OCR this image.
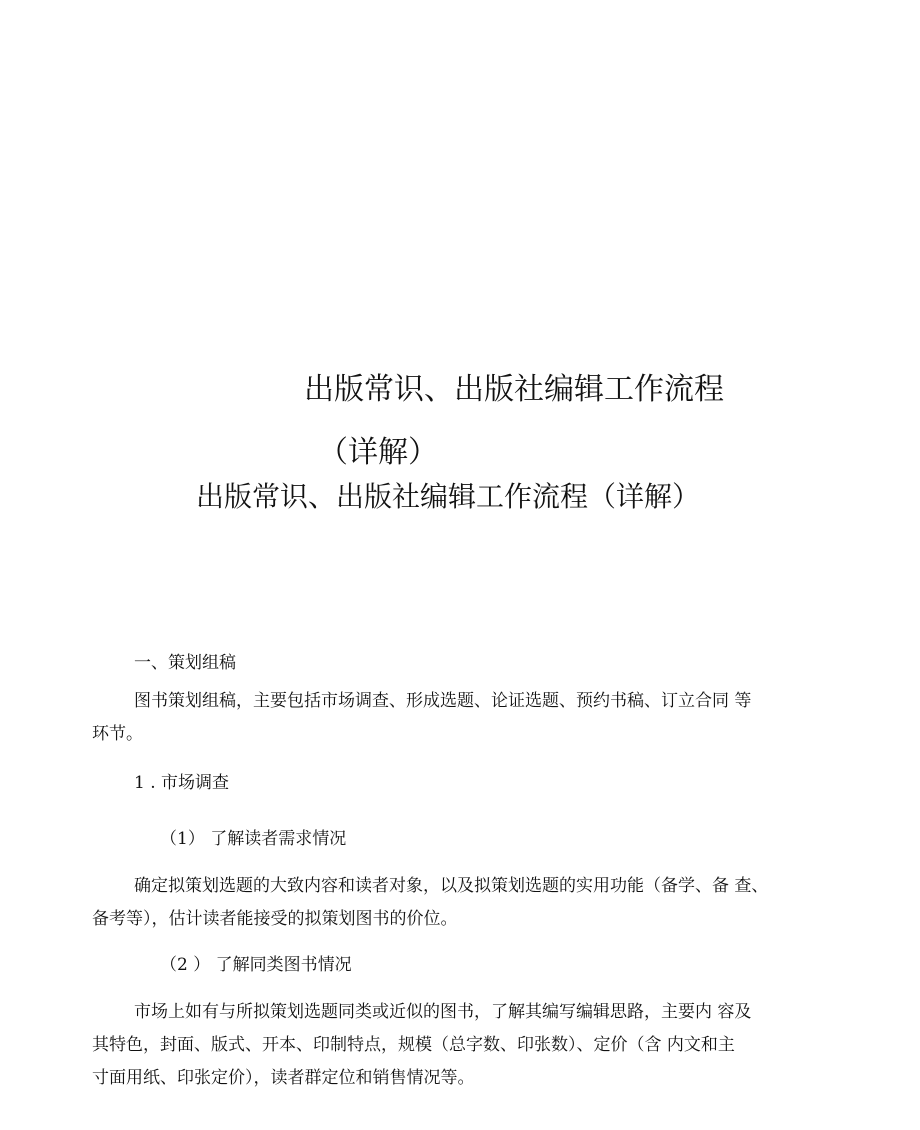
出版常识、出版社编辑工作流程
（详解）
出版常识、出版社编辑工作流程（详解）
一、策划组稿
图书策划组稿，主要包括市场调查、形成选题、论证选题、预约书稿、订立合同 等
环节。
1 . 市场调查
（1） 了解读者需求情况
确定拟策划选题的大致内容和读者对象，以及拟策划选题的实用功能（备学、备 查、
备考等），估计读者能接受的拟策划图书的价位。
（2 ） 了解同类图书情况
市场上如有与所拟策划选题同类或近似的图书，了解其编写编辑思路，主要内 容及
其特色，封面、版式、开本、印制特点，规模（总字数、印张数）、定价（含 内文和主
寸面用纸、印张定价），读者群定位和销售情况等。
